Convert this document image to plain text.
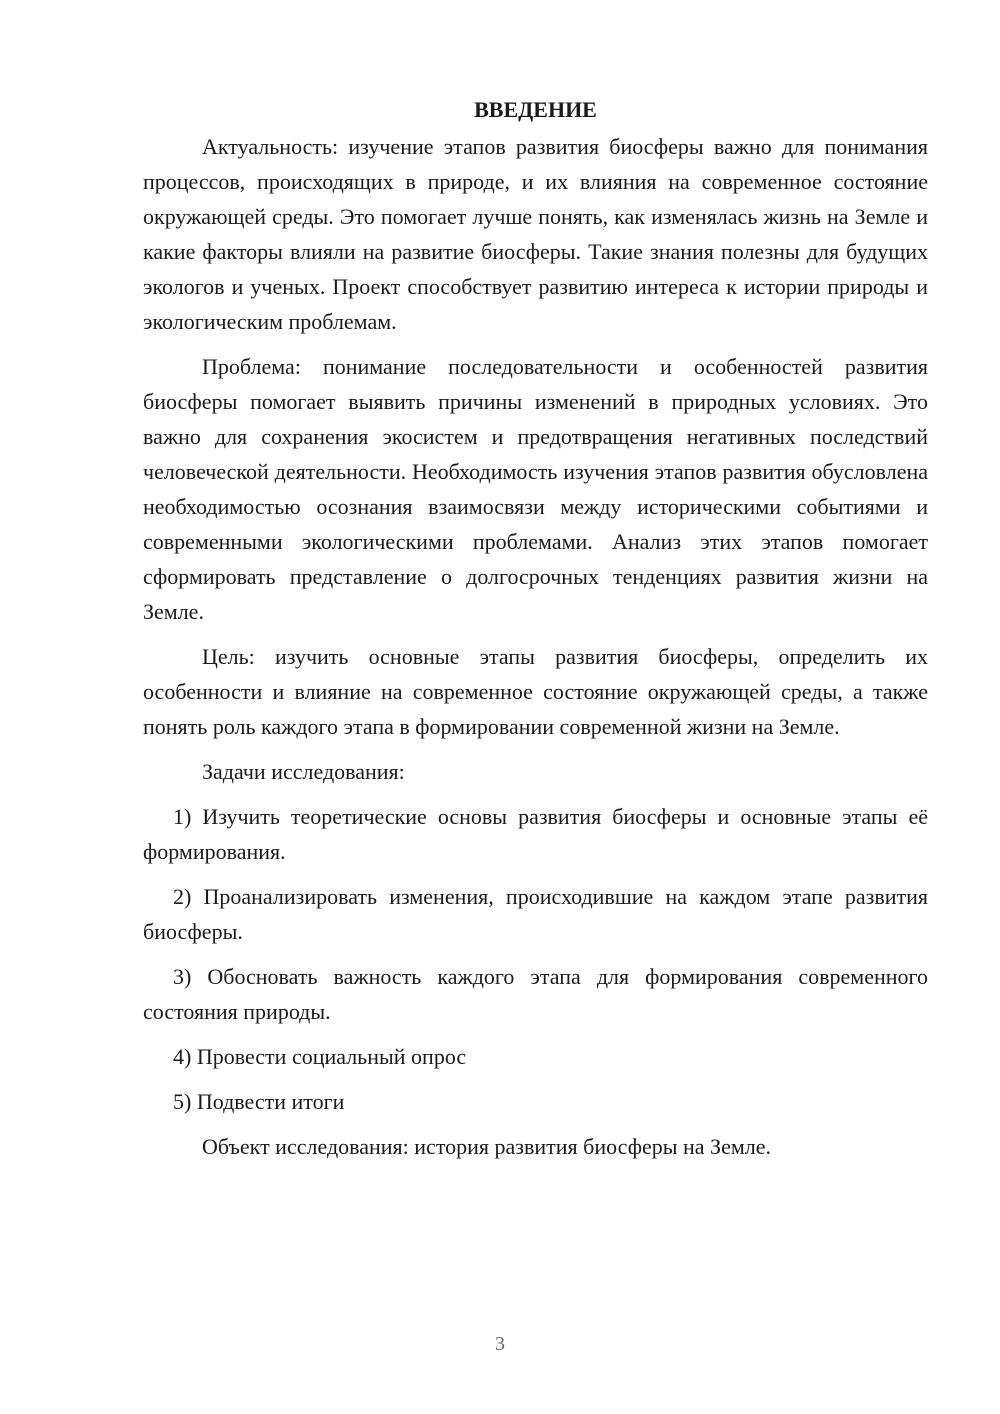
ВВЕДЕНИЕ

Актуальность: изучение этапов развития биосферы важно для понимания процессов, происходящих в природе, и их влияния на современное состояние окружающей среды. Это помогает лучше понять, как изменялась жизнь на Земле и какие факторы влияли на развитие биосферы. Такие знания полезны для будущих экологов и ученых. Проект способствует развитию интереса к истории природы и экологическим проблемам.

Проблема: понимание последовательности и особенностей развития биосферы помогает выявить причины изменений в природных условиях. Это важно для сохранения экосистем и предотвращения негативных последствий человеческой деятельности. Необходимость изучения этапов развития обусловлена необходимостью осознания взаимосвязи между историческими событиями и современными экологическими проблемами. Анализ этих этапов помогает сформировать представление о долгосрочных тенденциях развития жизни на Земле.

Цель: изучить основные этапы развития биосферы, определить их особенности и влияние на современное состояние окружающей среды, а также понять роль каждого этапа в формировании современной жизни на Земле.

Задачи исследования:

1) Изучить теоретические основы развития биосферы и основные этапы её формирования.

2) Проанализировать изменения, происходившие на каждом этапе развития биосферы.

3) Обосновать важность каждого этапа для формирования современного состояния природы.

4) Провести социальный опрос

5) Подвести итоги

Объект исследования: история развития биосферы на Земле.

3
